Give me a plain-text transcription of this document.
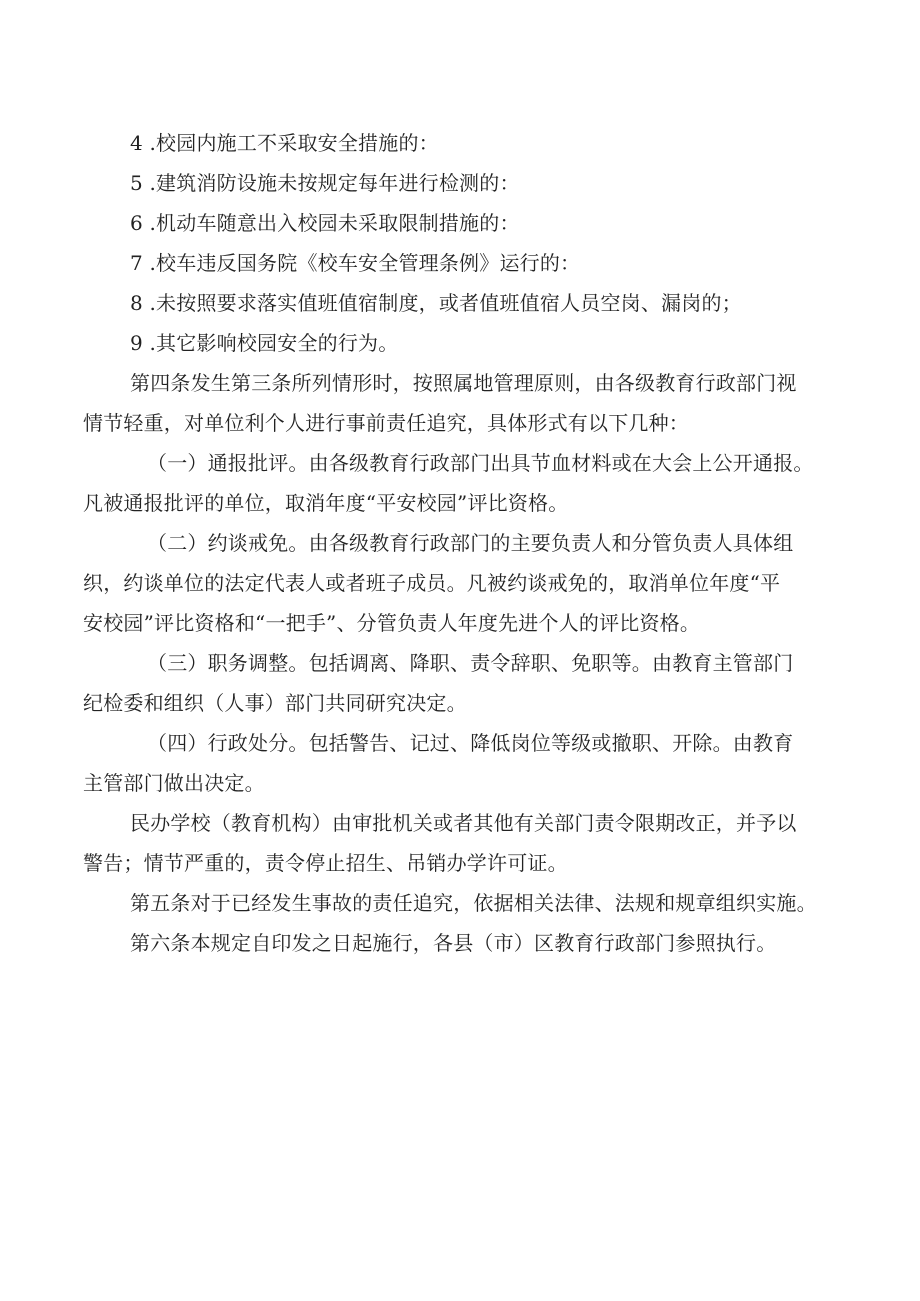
4 .校园内施工不采取安全措施的：

5 .建筑消防设施未按规定每年进行检测的：

6 .机动车随意出入校园未采取限制措施的：

7 .校车违反国务院《校车安全管理条例》运行的：

8 .未按照要求落实值班值宿制度，或者值班值宿人员空岗、漏岗的；

9 .其它影响校园安全的行为。

第四条发生第三条所列情形时，按照属地管理原则，由各级教育行政部门视

情节轻重，对单位利个人进行事前责任追究，具体形式有以下几种：

（一）通报批评。由各级教育行政部门出具节血材料或在大会上公开通报。

凡被通报批评的单位，取消年度“平安校园”评比资格。

（二）约谈戒免。由各级教育行政部门的主要负责人和分管负责人具体组

织，约谈单位的法定代表人或者班子成员。凡被约谈戒免的，取消单位年度“平

安校园”评比资格和“一把手”、分管负责人年度先进个人的评比资格。

（三）职务调整。包括调离、降职、责令辞职、免职等。由教育主管部门

纪检委和组织（人事）部门共同研究决定。

（四）行政处分。包括警告、记过、降低岗位等级或撤职、开除。由教育

主管部门做出决定。

民办学校（教育机构）由审批机关或者其他有关部门责令限期改正，并予以

警告；情节严重的，责令停止招生、吊销办学许可证。

第五条对于已经发生事故的责任追究，依据相关法律、法规和规章组织实施。

第六条本规定自印发之日起施行，各县（市）区教育行政部门参照执行。
